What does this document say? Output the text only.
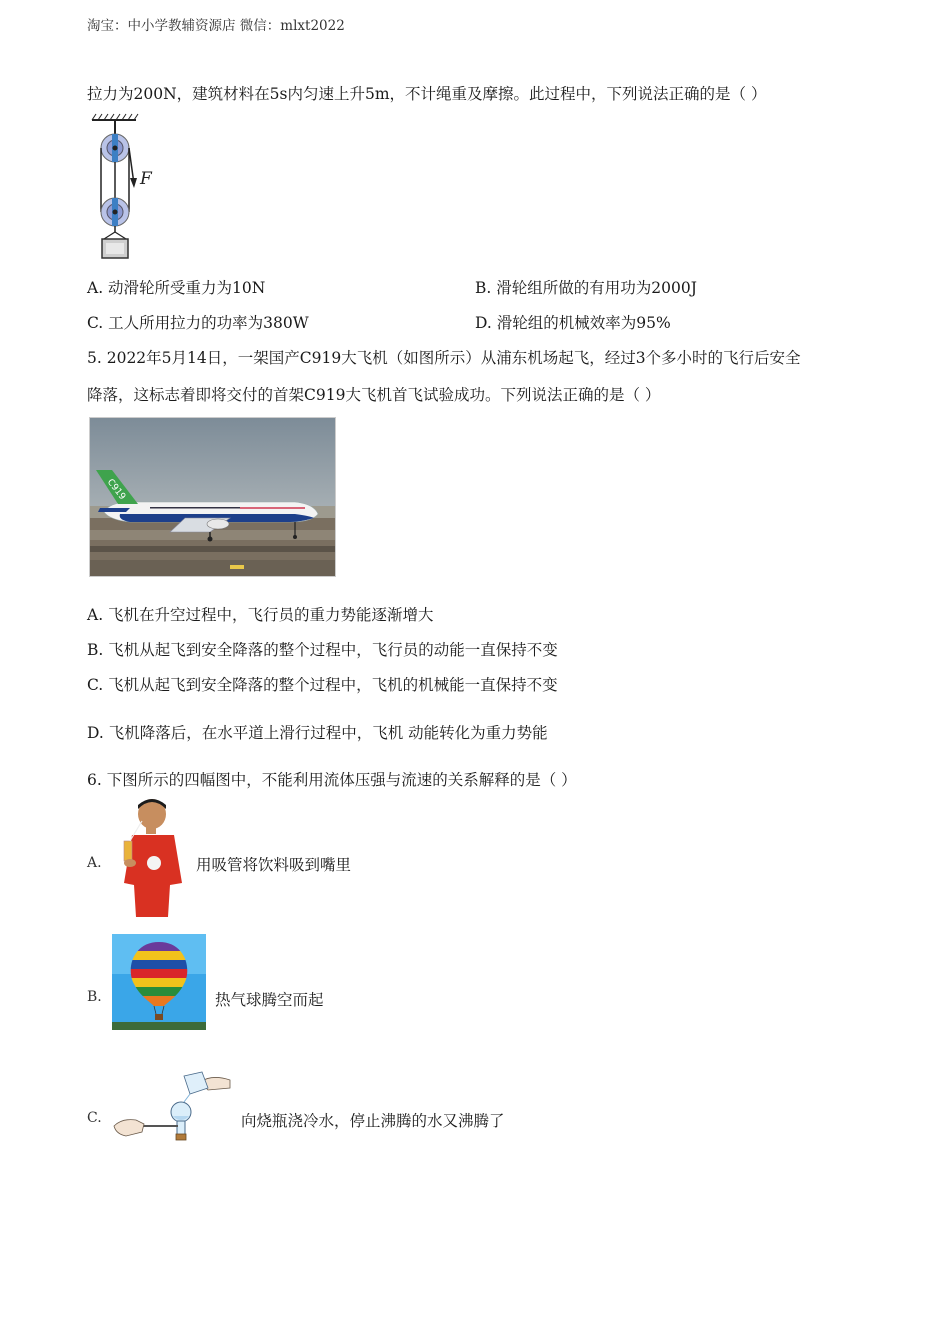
淘宝：中小学教辅资源店 微信：mlxt2022
拉力为200N，建筑材料在5s内匀速上升5m，不计绳重及摩擦。此过程中，下列说法正确的是（ ）
F
A. 动滑轮所受重力为10N	B. 滑轮组所做的有用功为2000J
C. 工人所用拉力的功率为380W	D. 滑轮组的机械效率为95%
5. 2022年5月14日，一架国产C919大飞机（如图所示）从浦东机场起飞，经过3个多小时的飞行后安全
降落，这标志着即将交付的首架C919大飞机首飞试验成功。下列说法正确的是（ ）
C919
A. 飞机在升空过程中，飞行员的重力势能逐渐增大
B. 飞机从起飞到安全降落的整个过程中，飞行员的动能一直保持不变
C. 飞机从起飞到安全降落的整个过程中，飞机的机械能一直保持不变
D. 飞机降落后，在水平道上滑行过程中，飞机 动能转化为重力势能
6. 下图所示的四幅图中，不能利用流体压强与流速的关系解释的是（ ）
A.	用吸管将饮料吸到嘴里
B.	热气球腾空而起
C.	向烧瓶浇冷水，停止沸腾的水又沸腾了
